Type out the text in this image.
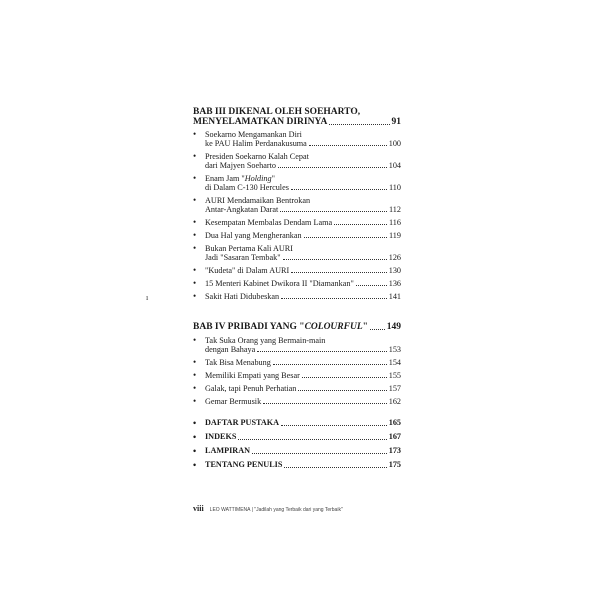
ı
BAB III DIKENAL OLEH SOEHARTO,
MENYELAMATKAN DIRINYA	91
• Soekarno Mengamankan Diri
ke PAU Halim Perdanakusuma	100
• Presiden Soekarno Kalah Cepat
dari Majyen Soeharto	104
• Enam Jam "Holding"
di Dalam C-130 Hercules	110
• AURI Mendamaikan Bentrokan
Antar-Angkatan Darat	112
• Kesempatan Membalas Dendam Lama	116
• Dua Hal yang Mengherankan	119
• Bukan Pertama Kali AURI
Jadi "Sasaran Tembak"	126
• "Kudeta" di Dalam AURI	130
• 15 Menteri Kabinet Dwikora II "Diamankan"	136
• Sakit Hati Didubeskan	141
BAB IV PRIBADI YANG "COLOURFUL" 149
• Tak Suka Orang yang Bermain-main
dengan Bahaya	153
• Tak Bisa Menabung	154
• Memiliki Empati yang Besar	155
• Galak, tapi Penuh Perhatian	157
• Gemar Bermusik	162
• DAFTAR PUSTAKA	165
• INDEKS	167
• LAMPIRAN	173
• TENTANG PENULIS	175
viii LEO WATTIMENA | "Jadilah yang Terbaik dari yang Terbaik"
